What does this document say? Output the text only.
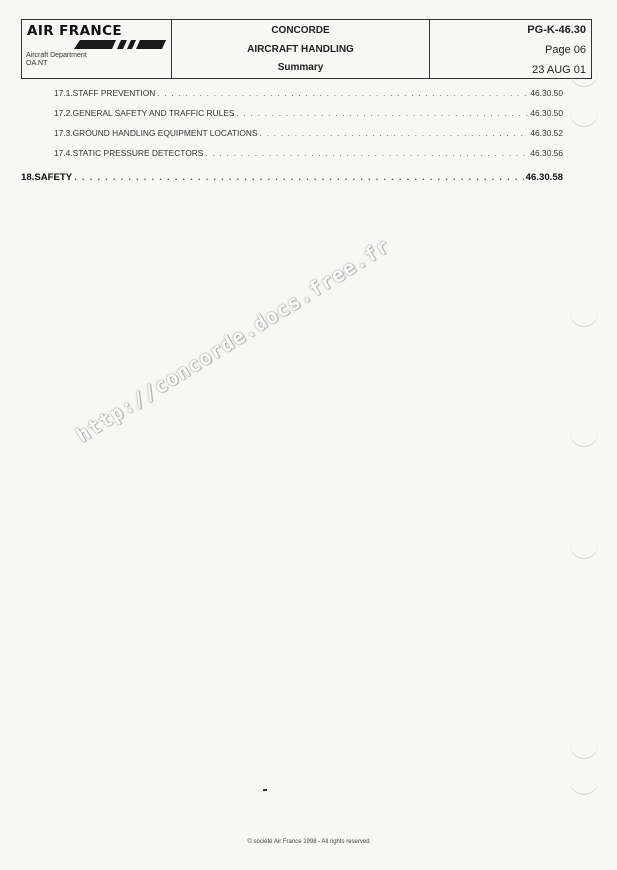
AIR FRANCE
Aircraft Department
OA.NT
CONCORDE
AIRCRAFT HANDLING
Summary
PG-K-46.30
Page 06
23 AUG 01
17.1.STAFF PREVENTION . . .	46.30.50
17.2.GENERAL SAFETY AND TRAFFIC RULES . . .	46.30.50
17.3.GROUND HANDLING EQUIPMENT LOCATIONS . . .	46.30.52
17.4.STATIC PRESSURE DETECTORS . . .	46.30.56
18.SAFETY . . .	46.30.58
http://concorde.docs.free.fr
© société Air France 1998 - All rights reserved
